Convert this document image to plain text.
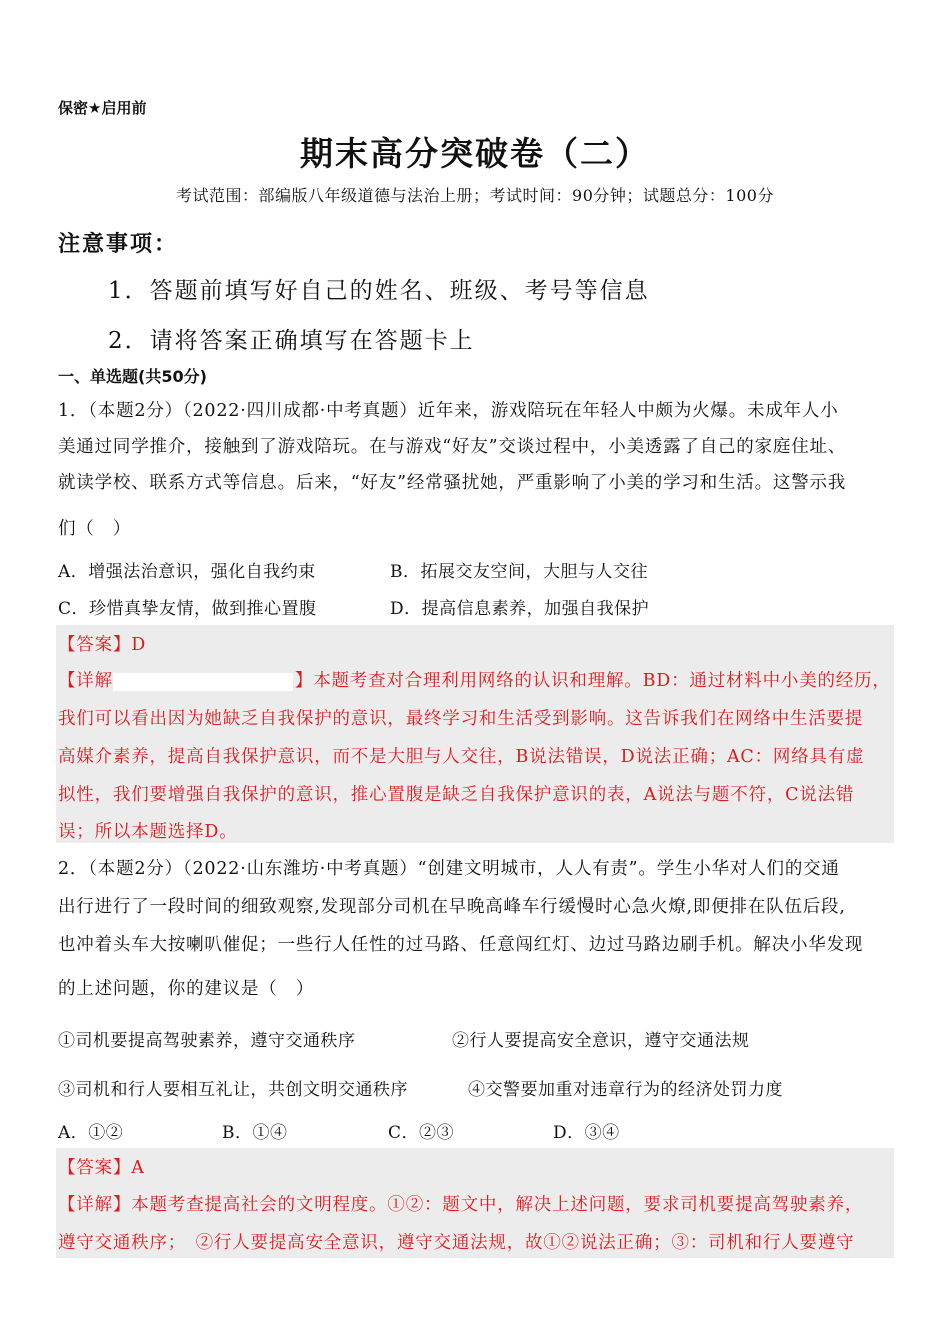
保密★启用前
期末高分突破卷（二）
考试范围：部编版八年级道德与法治上册；考试时间：90分钟；试题总分：100分
注意事项：
1．答题前填写好自己的姓名、班级、考号等信息
2．请将答案正确填写在答题卡上
一、单选题(共50分)
1．（本题2分）（2022·四川成都·中考真题）近年来，游戏陪玩在年轻人中颇为火爆。未成年人小
美通过同学推介，接触到了游戏陪玩。在与游戏“好友”交谈过程中，小美透露了自己的家庭住址、
就读学校、联系方式等信息。后来，“好友”经常骚扰她，严重影响了小美的学习和生活。这警示我
们（　）
A．增强法治意识，强化自我约束	B．拓展交友空间，大胆与人交往
C．珍惜真挚友情，做到推心置腹	D．提高信息素养，加强自我保护
【答案】D
【详解	】本题考查对合理利用网络的认识和理解。BD：通过材料中小美的经历，
我们可以看出因为她缺乏自我保护的意识，最终学习和生活受到影响。这告诉我们在网络中生活要提
高媒介素养，提高自我保护意识，而不是大胆与人交往，B说法错误，D说法正确；AC：网络具有虚
拟性，我们要增强自我保护的意识，推心置腹是缺乏自我保护意识的表，A说法与题不符，C说法错
误；所以本题选择D。
2．（本题2分）（2022·山东潍坊·中考真题）“创建文明城市，人人有责”。学生小华对人们的交通
出行进行了一段时间的细致观察,发现部分司机在早晚高峰车行缓慢时心急火燎,即便排在队伍后段,
也冲着头车大按喇叭催促；一些行人任性的过马路、任意闯红灯、边过马路边刷手机。解决小华发现
的上述问题，你的建议是（　）
①司机要提高驾驶素养，遵守交通秩序	②行人要提高安全意识，遵守交通法规
③司机和行人要相互礼让，共创文明交通秩序	④交警要加重对违章行为的经济处罚力度
A．①②	B．①④	C．②③	D．③④
【答案】A
【详解】本题考查提高社会的文明程度。①②：题文中，解决上述问题，要求司机要提高驾驶素养，
遵守交通秩序；　②行人要提高安全意识，遵守交通法规，故①②说法正确；③：司机和行人要遵守
